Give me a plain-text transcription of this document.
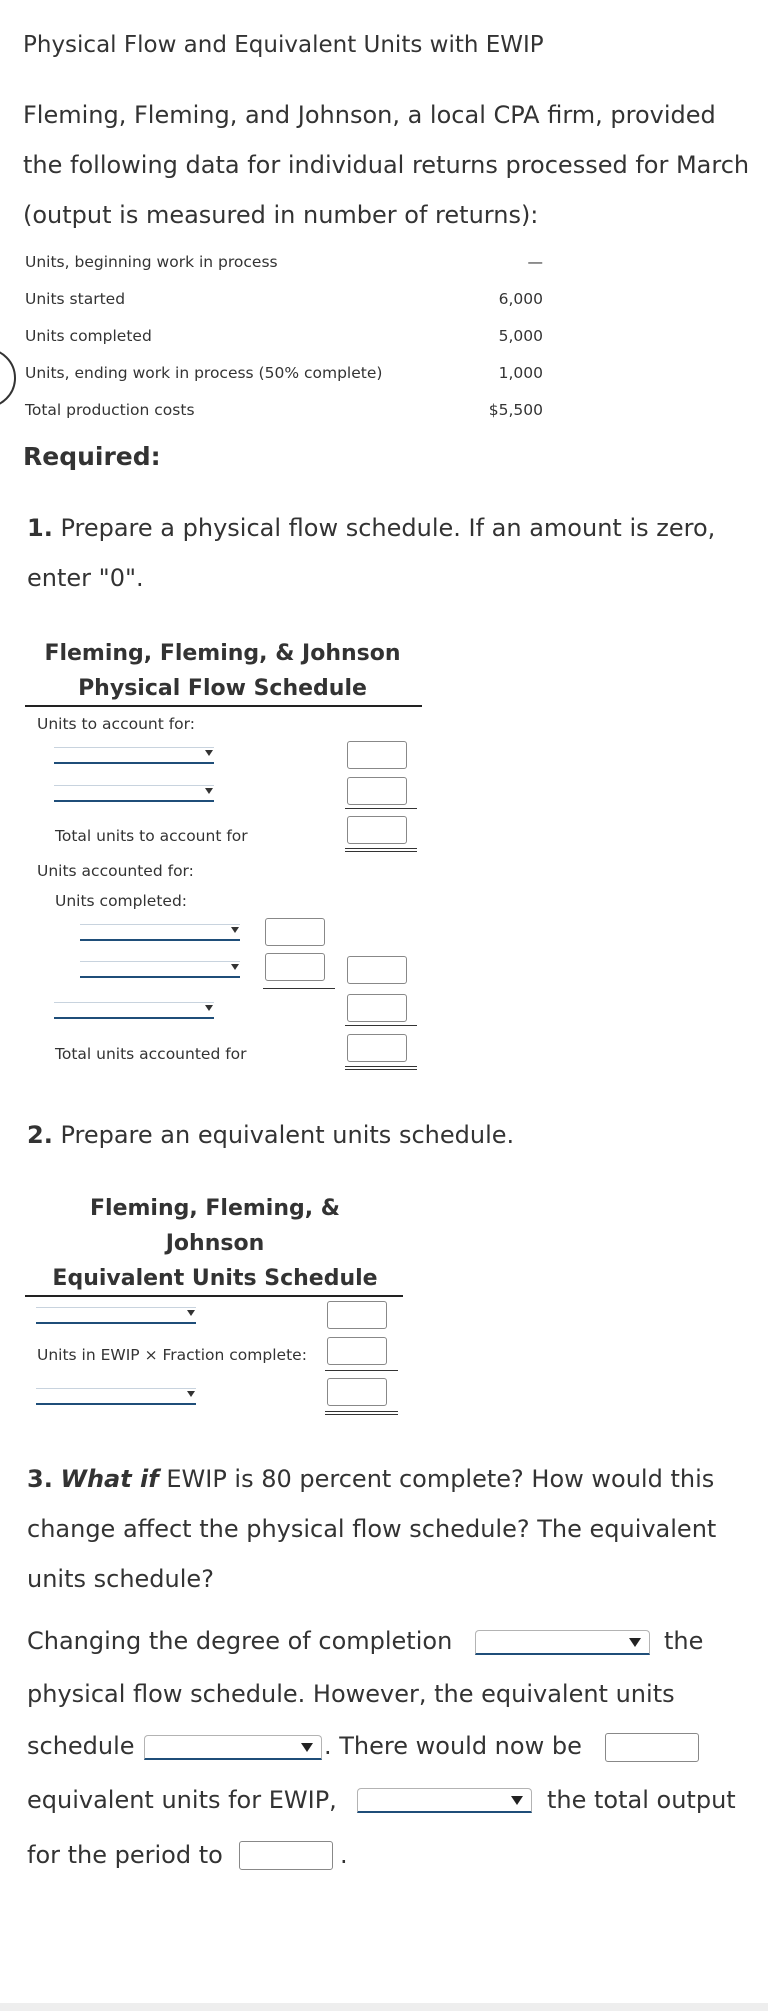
Physical Flow and Equivalent Units with EWIP
Fleming, Fleming, and Johnson, a local CPA firm, provided the following data for individual returns processed for March (output is measured in number of returns):
Units, beginning work in process	—
Units started	6,000
Units completed	5,000
Units, ending work in process (50% complete)	1,000
Total production costs	$5,500
Required:
1. Prepare a physical flow schedule. If an amount is zero, enter "0".
Fleming, Fleming, & Johnson
Physical Flow Schedule
Units to account for:
Total units to account for
Units accounted for:
Units completed:
Total units accounted for
2. Prepare an equivalent units schedule.
Fleming, Fleming, &
Johnson
Equivalent Units Schedule
Units in EWIP × Fraction complete:
3. What if EWIP is 80 percent complete? How would this change affect the physical flow schedule? The equivalent units schedule?
Changing the degree of completion	the
physical flow schedule. However, the equivalent units
schedule	. There would now be
equivalent units for EWIP,	the total output
for the period to	.
